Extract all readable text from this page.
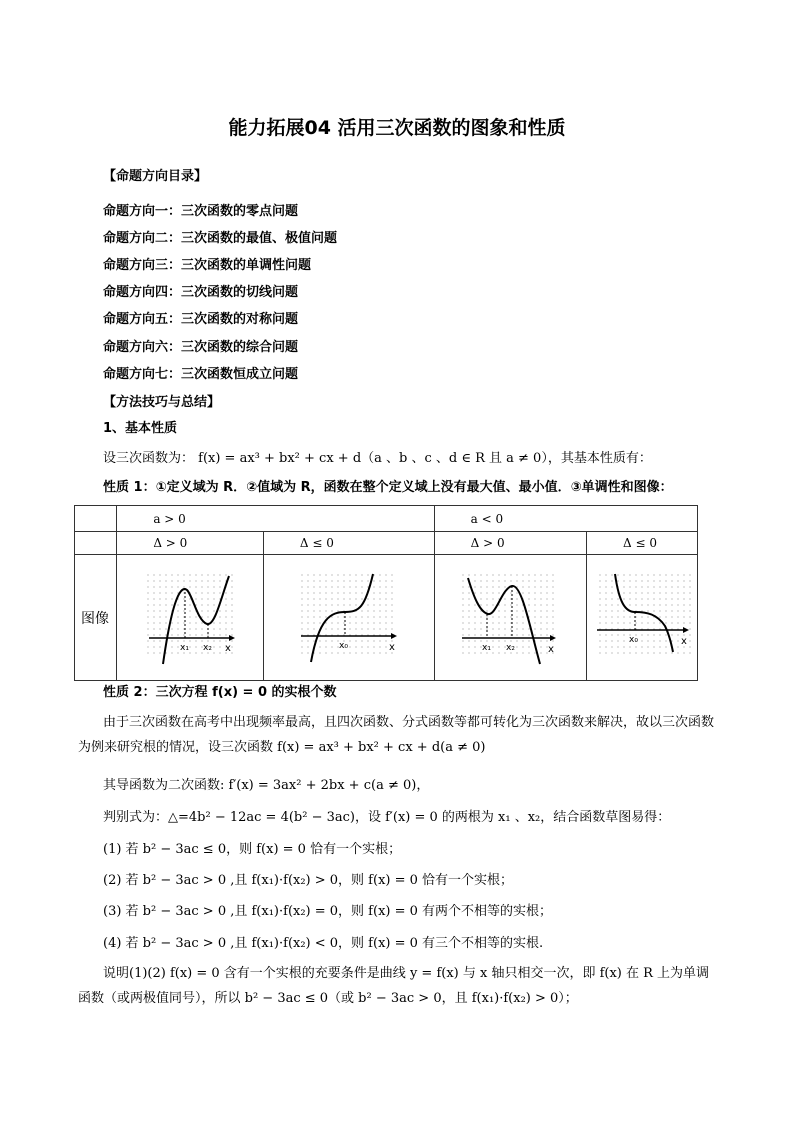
能力拓展04 活用三次函数的图象和性质
【命题方向目录】
命题方向一：三次函数的零点问题
命题方向二：三次函数的最值、极值问题
命题方向三：三次函数的单调性问题
命题方向四：三次函数的切线问题
命题方向五：三次函数的对称问题
命题方向六：三次函数的综合问题
命题方向七：三次函数恒成立问题
【方法技巧与总结】
1、基本性质
设三次函数为： f(x) = ax³ + bx² + cx + d（a 、b 、c 、d ∈ R 且 a ≠ 0），其基本性质有：
性质 1：①定义域为 R．②值域为 R，函数在整个定义域上没有最大值、最小值．③单调性和图像：
	a > 0		a < 0	
	Δ > 0	Δ ≤ 0	Δ > 0	Δ ≤ 0
图像	x₁ x₂ x	x₀ x	x₁ x₂ x	x₀ x
性质 2：三次方程 f(x) = 0 的实根个数
由于三次函数在高考中出现频率最高，且四次函数、分式函数等都可转化为三次函数来解决，故以三次函数为例来研究根的情况，设三次函数 f(x) = ax³ + bx² + cx + d(a ≠ 0)
其导函数为二次函数: f′(x) = 3ax² + 2bx + c(a ≠ 0)，
判别式为：△=4b² − 12ac = 4(b² − 3ac)，设 f′(x) = 0 的两根为 x₁ 、x₂，结合函数草图易得：
(1) 若 b² − 3ac ≤ 0，则 f(x) = 0 恰有一个实根；
(2) 若 b² − 3ac > 0 ,且 f(x₁)·f(x₂) > 0，则 f(x) = 0 恰有一个实根；
(3) 若 b² − 3ac > 0 ,且 f(x₁)·f(x₂) = 0，则 f(x) = 0 有两个不相等的实根；
(4) 若 b² − 3ac > 0 ,且 f(x₁)·f(x₂) < 0，则 f(x) = 0 有三个不相等的实根.
说明(1)(2) f(x) = 0 含有一个实根的充要条件是曲线 y = f(x) 与 x 轴只相交一次，即 f(x) 在 R 上为单调函数（或两极值同号），所以 b² − 3ac ≤ 0（或 b² − 3ac > 0，且 f(x₁)·f(x₂) > 0）；
